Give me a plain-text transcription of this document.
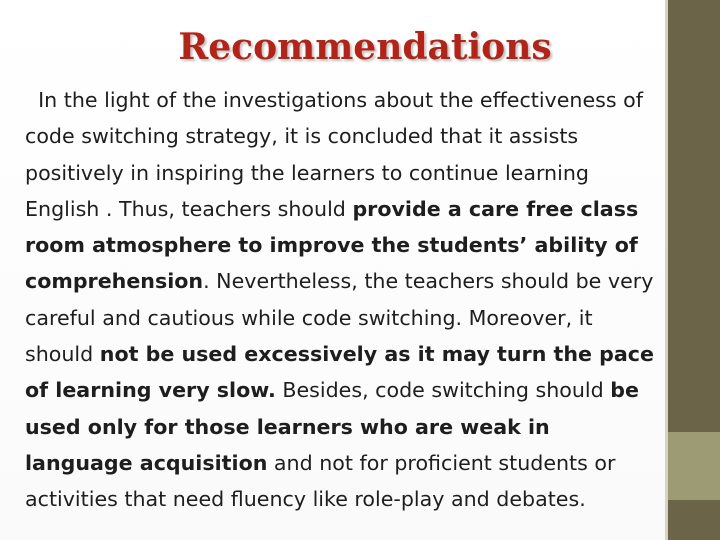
Recommendations

In the light of the investigations about the effectiveness of code switching strategy, it is concluded that it assists positively in inspiring the learners to continue learning English . Thus, teachers should provide a care free class room atmosphere to improve the students’ ability of comprehension. Nevertheless, the teachers should be very careful and cautious while code switching. Moreover, it should not be used excessively as it may turn the pace of learning very slow. Besides, code switching should be used only for those learners who are weak in language acquisition and not for proficient students or activities that need fluency like role-play and debates.
